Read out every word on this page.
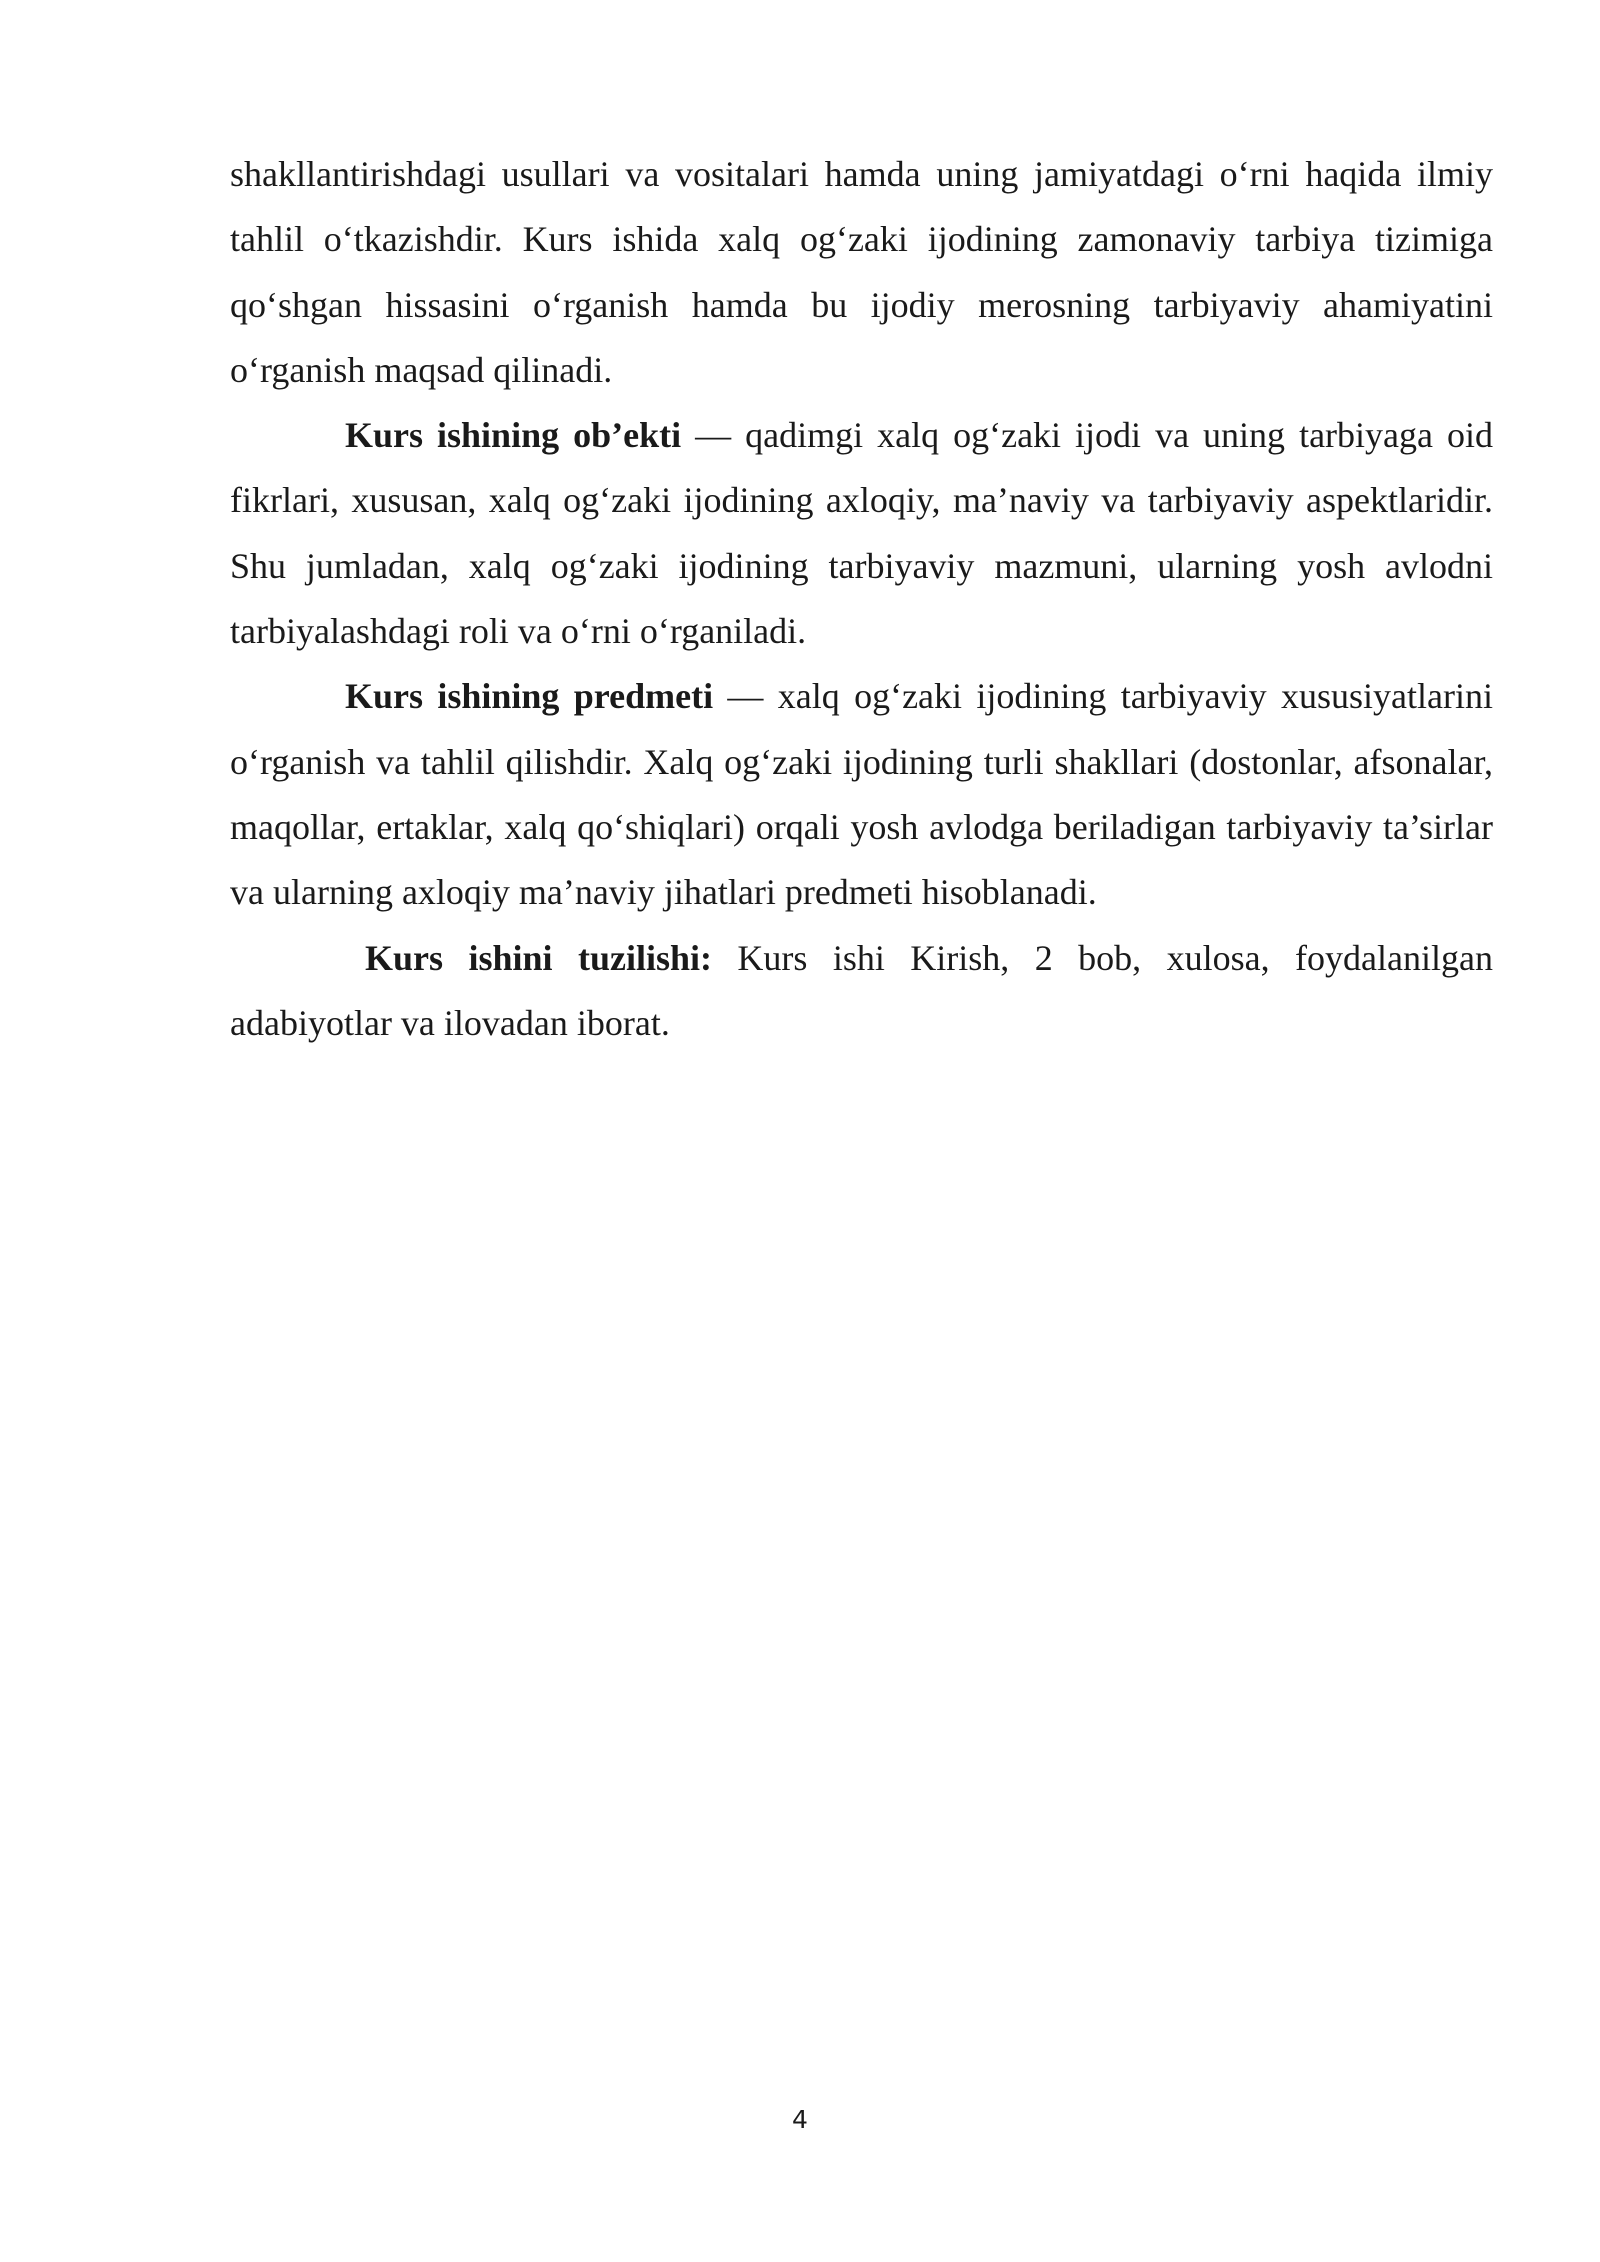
shakllantirishdagi usullari va vositalari hamda uning jamiyatdagi o‘rni haqida ilmiy tahlil o‘tkazishdir. Kurs ishida xalq og‘zaki ijodining zamonaviy tarbiya tizimiga qo‘shgan hissasini o‘rganish hamda bu ijodiy merosning tarbiyaviy ahamiyatini o‘rganish maqsad qilinadi.

Kurs ishining ob’ekti — qadimgi xalq og‘zaki ijodi va uning tarbiyaga oid fikrlari, xususan, xalq og‘zaki ijodining axloqiy, ma’naviy va tarbiyaviy aspektlaridir. Shu jumladan, xalq og‘zaki ijodining tarbiyaviy mazmuni, ularning yosh avlodni tarbiyalashdagi roli va o‘rni o‘rganiladi.

Kurs ishining predmeti — xalq og‘zaki ijodining tarbiyaviy xususiyatlarini o‘rganish va tahlil qilishdir. Xalq og‘zaki ijodining turli shakllari (dostonlar, afsonalar, maqollar, ertaklar, xalq qo‘shiqlari) orqali yosh avlodga beriladigan tarbiyaviy ta’sirlar va ularning axloqiy ma’naviy jihatlari predmeti hisoblanadi.

Kurs ishini tuzilishi: Kurs ishi Kirish, 2 bob, xulosa, foydalanilgan adabiyotlar va ilovadan iborat.

4
